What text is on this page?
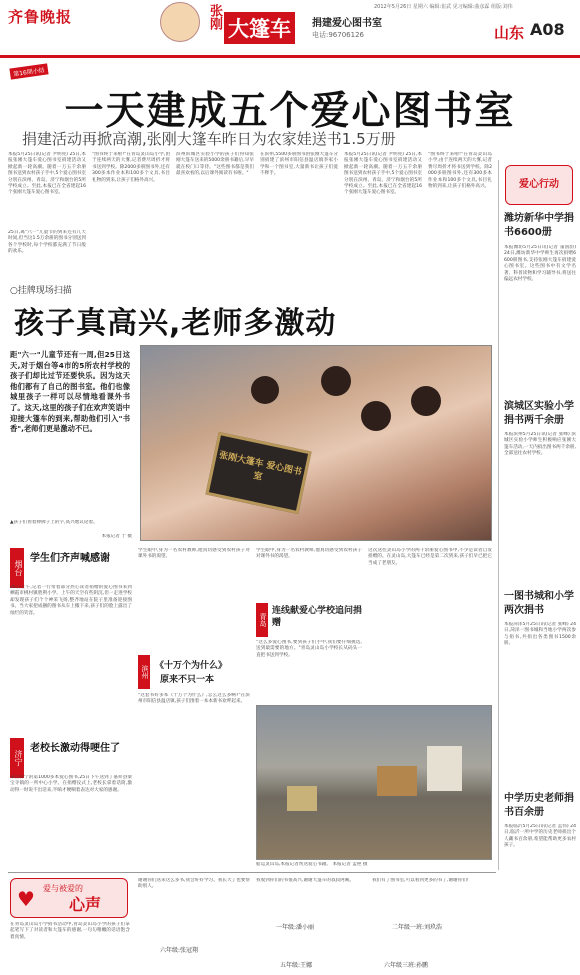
齐鲁晚报	张刚 大篷车	捐建爱心图书室
电话:96706126
2012年5月26日 星期六 编辑:崔武 见习编辑:曲彦霖 组版:刘伟
山东 A08
第16期小结
一天建成五个爱心图书室
捐建活动再掀高潮,张刚大篷车昨日为农家娃送书1.5万册
本报5月25日讯(记者 尹明亮) 25日,本报张刚大篷车爱心图书室捐建活动又掀起新一轮高潮。随着一万五千余册图书送到农村孩子手中,5个爱心图书室分别在滨州、青岛、济宁和烟台的5所学校成立。至此,本报已在全省建起16个张刚大篷车爱心图书室。
25日,离"六一"儿童节的到来还有几天时间,但当这1.5万余册的图书分别送到各个学校时,每个学校都充满了节日般的欢乐。
"图书终于来啦!"在青岛灵山岛小学,由于连续两天的大雾,记者费尽周折才将书送到学校。除2000多册图书外,还有300多本作业本和100多个文具,书目礼物的到来,让孩子们格外高兴。
滨州滨城区实验小学的孩子们得知张刚大篷车送来的5000余册书籍后,早早就在校门口等待。"这些图书都是我们最喜欢看的,以后课外阅读有书啦。"
在滨州,5500多册图书由张刚大篷车分别捐建了滨州市阳信县温店镇李家小学和一个图书室,大量新书让孩子们爱不释手。
本报5月25日讯(记者 尹明亮) 25日,本报张刚大篷车爱心图书室捐建活动又掀起新一轮高潮。随着一万五千余册图书送到农村孩子手中,5个爱心图书室分别在滨州、青岛、济宁和烟台的5所学校成立。至此,本报已在全省建起16个张刚大篷车爱心图书室。
"图书终于来啦!"在青岛灵山岛小学,由于连续两天的大雾,记者费尽周折才将书送到学校。除2000多册图书外,还有300多本作业本和100多个文具,书目礼物的到来,让孩子们格外高兴。
○挂牌现场扫描
孩子真高兴,老师多激动
距"六一"儿童节还有一周,但25日这天,对于烟台等4市的5所农村学校的孩子们却比过节还要快乐。因为这天他们都有了自己的图书室。他们也像城里孩子一样可以尽情地看课外书了。这天,这里的孩子们在欢声笑语中迎接大篷车的到来,帮助他们引入"书香",老师们更是激动不已。
张刚大篷车 爱心图书室
▲孩子们看着捧牌子上的字,高兴地议论着。
本报记者 于 摄
烟台
学生们齐声喊感谢
25日上午,记者一行带着部分热心读者捐赠的爱心图书来到栖霞市桃村镇胜利小学。上午的天空有些阴沉,但一走进学校却发现孩子们个个神采飞扬,整齐地站在院子里准备迎接图书。当大家把成捆的图书从车上搬下来,孩子们的脸上露出了灿烂的笑容。
济宁
老校长激动得哽住了
来自济宁的第1000多本爱心图书,25日下午送到了嘉祥县梁宝寺镇的一所中心小学。在捐赠仪式上,老校长拿着话筒,激动得一时说不出话来,半晌才哽咽着表达对大家的感谢。
学生眼中,身为一名农村教师,他真切感受到农村孩子对课外书的渴望。
滨州 《十万个为什么》
原来不只一本
"这套书好多本《十万个为什么》,怎么这么多啊?"在滨州市阳信县温店镇,孩子们围着一本本新书欢呼起来。
学生眼中,身为一名农村教师,他真切感受到农村孩子对课外书的渴望。
青岛
连线献爱心学校追问捐赠
"这么多爱心图书,要到孩子们手中,我们要仔细挑选,送到最需要的地方。"青岛灵山岛小学校长从码头一直把书送到学校。
这次送往灵山岛小学的两千余册爱心图书中,不少是读者自发捐赠的。在灵山岛,大篷车已经是第二次到来,孩子们早已把它当成了老朋友。
船运灵山岛,本报记者帮送爱心书籍。 本报记者 孟艳 摄
爱心行动
潍坊新华中学捐书6600册
本报潍坊5月25日讯(记者 董国韵) 24日,潍坊新华中学师生再次捐赠6600册图书,支持张刚大篷车捐建爱心图书室。这些图书中有文学名著、科普读物和学习辅导书,将送往偏远农村学校。
滨城区实验小学捐书两千余册
本报滨州5月25日讯(记者 张峰) 滨城区实验小学师生积极响应张刚大篷车活动,一天内捐出图书两千余册,全部送往农村学校。
一图书城和小学两次捐书
本报菏泽5月25日讯(记者 张峰) 24日,菏泽一图书城和当地小学两次参与捐书,共捐出各类图书1500余册。
中学历史老师捐书百余册
本报临沂5月25日讯(记者 孟伟) 24日,临沂一所中学的历史老师捐出个人藏书百余册,希望能帮助更多农村孩子。
爱与被爱的
心声
♥
在青岛灵山岛小学捐书活动中,青岛灵山岛小学的孩子们拿起笔写下了对读者和大篷车的感谢,一句句稚嫩的话语饱含着真情。
谢谢你们送来这么多书,我会好好学习。我长大了也要帮助别人。
六年级:张冠翔
我收到你们的书很高兴,谢谢大篷车的叔叔阿姨。
一年级:潘小丽
五年级:王娜
我们有了图书室,可以看到更多的书了,谢谢你们!
二年级一班:刘玖浩
六年级三班:孙鹏
